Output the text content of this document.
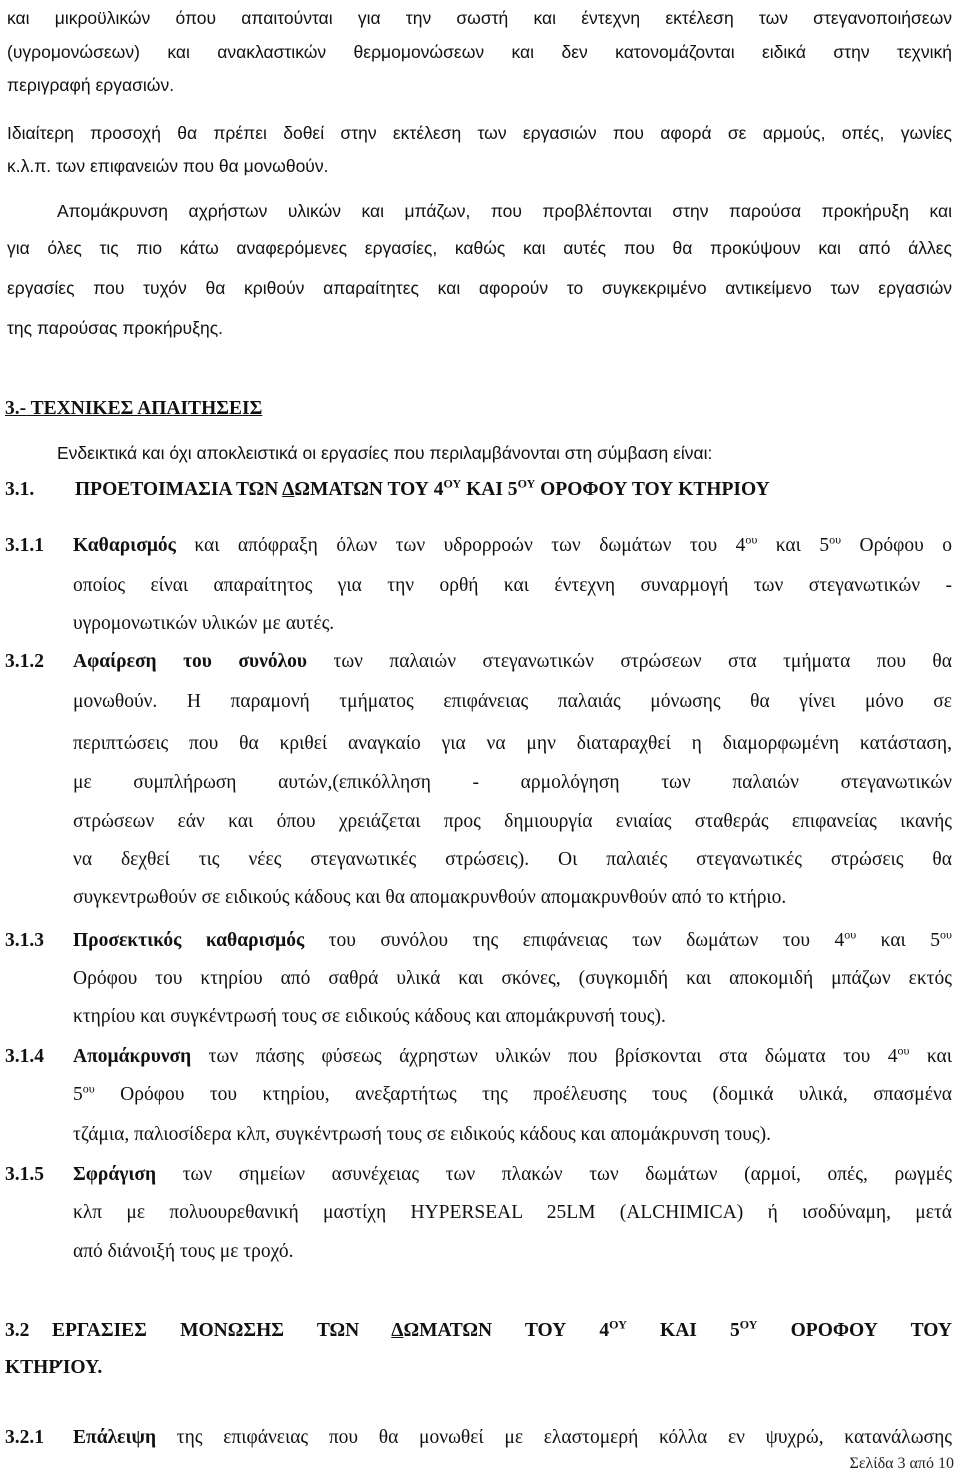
και μικροϋλικών όπου απαιτούνται για την σωστή και έντεχνη εκτέλεση των στεγανοποιήσεων
(υγρομονώσεων) και ανακλαστικών θερμομονώσεων και δεν κατονομάζονται ειδικά στην τεχνική
περιγραφή εργασιών.
Ιδιαίτερη προσοχή θα πρέπει δοθεί στην εκτέλεση των εργασιών που αφορά σε αρμούς, οπές, γωνίες
κ.λ.π. των επιφανειών που θα μονωθούν.
Απομάκρυνση αχρήστων υλικών και μπάζων, που προβλέπονται στην παρούσα προκήρυξη και
για όλες τις πιο κάτω αναφερόμενες εργασίες, καθώς και αυτές που θα προκύψουν και από άλλες
εργασίες που τυχόν θα κριθούν απαραίτητες και αφορούν το συγκεκριμένο αντικείμενο των εργασιών
της παρούσας προκήρυξης.
3.- ΤΕΧΝΙΚΕΣ ΑΠΑΙΤΗΣΕΙΣ
Ενδεικτικά και όχι αποκλειστικά οι εργασίες που περιλαμβάνονται στη σύμβαση είναι:
3.1. ΠΡΟΕΤΟΙΜΑΣΙΑ ΤΩΝ ΔΩΜΑΤΩΝ ΤΟΥ $4^{O\Upsilon}$ ΚΑΙ $5^{O\Upsilon}$ ΟΡΟΦΟΥ ΤΟΥ ΚΤΗΡΙΟΥ
3.1.1 Καθαρισμός και απόφραξη όλων των υδρορροών των δωμάτων του $4^{o\upsilon}$ και $5^{o\upsilon}$ Ορόφου ο
οποίος είναι απαραίτητος για την ορθή και έντεχνη συναρμογή των στεγανωτικών -
υγρομονωτικών υλικών με αυτές.
3.1.2 Αφαίρεση του συνόλου των παλαιών στεγανωτικών στρώσεων στα τμήματα που θα
μονωθούν. Η παραμονή τμήματος επιφάνειας παλαιάς μόνωσης θα γίνει μόνο σε
περιπτώσεις που θα κριθεί αναγκαίο για να μην διαταραχθεί η διαμορφωμένη κατάσταση,
με συμπλήρωση αυτών,(επικόλληση - αρμολόγηση των παλαιών στεγανωτικών
στρώσεων εάν και όπου χρειάζεται προς δημιουργία ενιαίας σταθεράς επιφανείας ικανής
να δεχθεί τις νέες στεγανωτικές στρώσεις). Οι παλαιές στεγανωτικές στρώσεις θα
συγκεντρωθούν σε ειδικούς κάδους και θα απομακρυνθούν απομακρυνθούν από το κτήριο.
3.1.3 Προσεκτικός καθαρισμός του συνόλου της επιφάνειας των δωμάτων του $4^{o\upsilon}$ και $5^{o\upsilon}$
Ορόφου του κτηρίου από σαθρά υλικά και σκόνες, (συγκομιδή και αποκομιδή μπάζων εκτός
κτηρίου και συγκέντρωσή τους σε ειδικούς κάδους και απομάκρυνσή τους).
3.1.4 Απομάκρυνση των πάσης φύσεως άχρηστων υλικών που βρίσκονται στα δώματα του $4^{o\upsilon}$ και
$5^{o\upsilon}$ Ορόφου του κτηρίου, ανεξαρτήτως της προέλευσης τους (δομικά υλικά, σπασμένα
τζάμια, παλιοσίδερα κλπ, συγκέντρωσή τους σε ειδικούς κάδους και απομάκρυνση τους).
3.1.5 Σφράγιση των σημείων ασυνέχειας των πλακών των δωμάτων (αρμοί, οπές, ρωγμές
κλπ με πολυουρεθανική μαστίχη HYPERSEAL 25LM (ALCHIMICA) ή ισοδύναμη, μετά
από διάνοιξή τους με τροχό.
3.2 ΕΡΓΑΣΙΕΣ ΜΟΝΩΣΗΣ ΤΩΝ ΔΩΜΑΤΩΝ ΤΟΥ $4^{O\Upsilon}$ ΚΑΙ $5^{O\Upsilon}$ ΟΡΟΦΟΥ ΤΟΥ
ΚΤΗΡΊΟΥ.
3.2.1 Επάλειψη της επιφάνειας που θα μονωθεί με ελαστομερή κόλλα εν ψυχρώ, κατανάλωσης
Σελίδα 3 από 10
